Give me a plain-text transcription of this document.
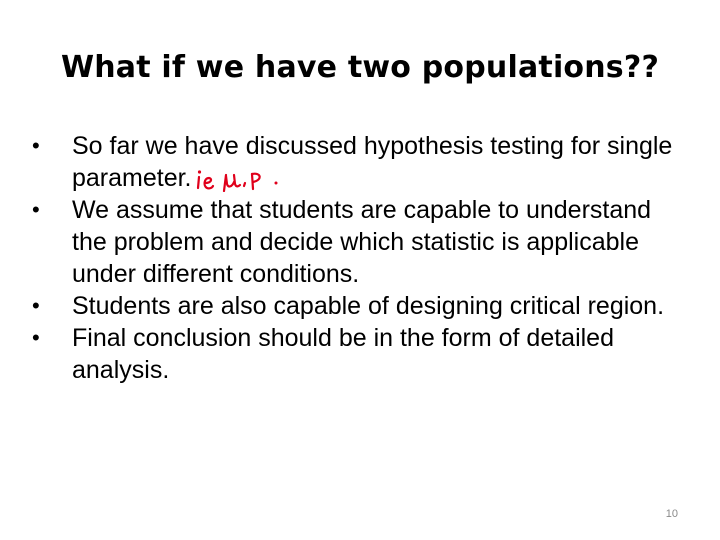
What if we have two populations??
•	So far we have discussed hypothesis testing for single parameter.
•	We assume that students are capable to understand the problem and decide which statistic is applicable under different conditions.
•	Students are also capable of designing critical region.
•	Final conclusion should be in the form of detailed analysis.
10
